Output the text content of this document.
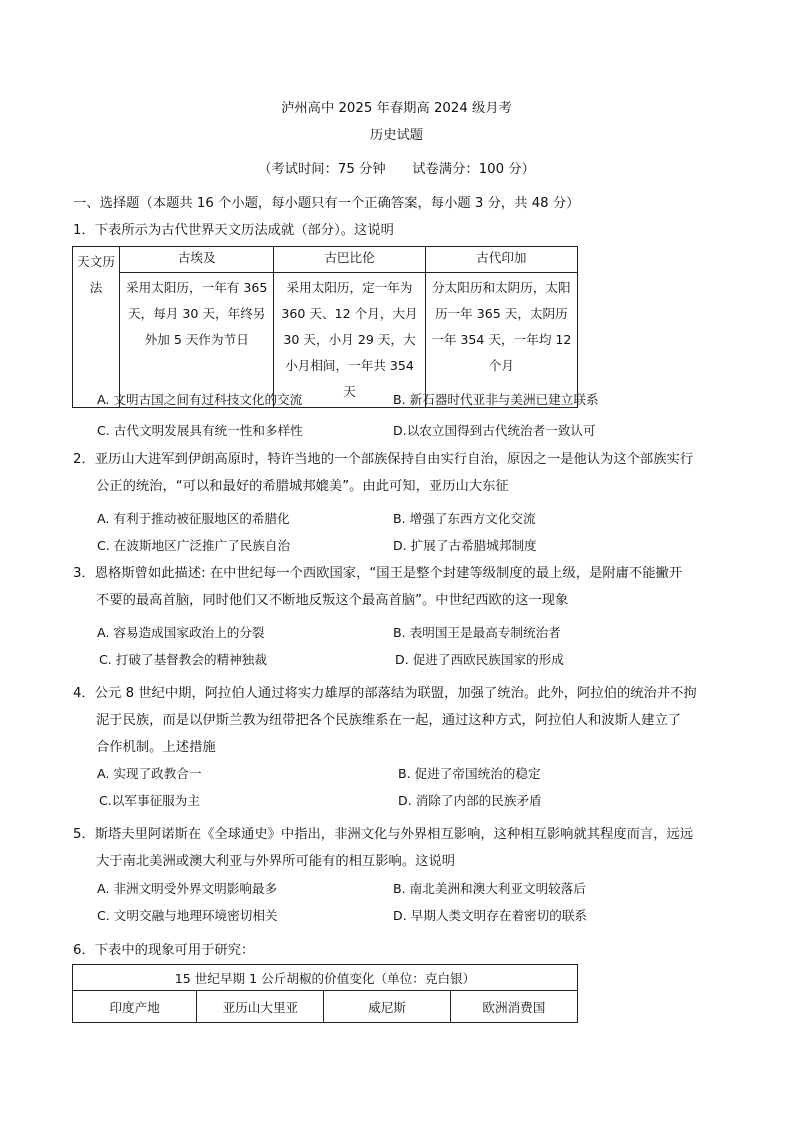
泸州高中 2025 年春期高 2024 级月考
历史试题
（考试时间：75 分钟　　试卷满分：100 分）
一、选择题（本题共 16 个小题，每小题只有一个正确答案，每小题 3 分，共 48 分）
1．下表所示为古代世界天文历法成就（部分）。这说明
天文历
法	古埃及	古巴比伦	古代印加

	采用太阳历，一年有 365 天，每月 30 天，年终另外加 5 天作为节日	采用太阳历，定一年为 360 天、12 个月，大月 30 天，小月 29 天，大小月相间，一年共 354 天	分太阳历和太阴历，太阳历一年 365 天，太阴历一年 354 天，一年均 12 个月
A. 文明古国之间有过科技文化的交流	B. 新石器时代亚非与美洲已建立联系
C. 古代文明发展具有统一性和多样性	D.以农立国得到古代统治者一致认可
2．亚历山大进军到伊朗高原时，特许当地的一个部族保持自由实行自治，原因之一是他认为这个部族实行
公正的统治，“可以和最好的希腊城邦媲美”。由此可知，亚历山大东征
A. 有利于推动被征服地区的希腊化	B. 增强了东西方文化交流
C. 在波斯地区广泛推广了民族自治	D. 扩展了古希腊城邦制度
3．恩格斯曾如此描述: 在中世纪每一个西欧国家，“国王是整个封建等级制度的最上级，是附庸不能撇开
不要的最高首脑，同时他们又不断地反叛这个最高首脑”。中世纪西欧的这一现象
A. 容易造成国家政治上的分裂	B. 表明国王是最高专制统治者
C. 打破了基督教会的精神独裁	D. 促进了西欧民族国家的形成
4．公元 8 世纪中期，阿拉伯人通过将实力雄厚的部落结为联盟，加强了统治。此外，阿拉伯的统治并不拘
泥于民族，而是以伊斯兰教为纽带把各个民族维系在一起，通过这种方式，阿拉伯人和波斯人建立了
合作机制。上述措施
A. 实现了政教合一	B. 促进了帝国统治的稳定
C.以军事征服为主	D. 消除了内部的民族矛盾
5．斯塔夫里阿诺斯在《全球通史》中指出，非洲文化与外界相互影响，这种相互影响就其程度而言，远远
大于南北美洲或澳大利亚与外界所可能有的相互影响。这说明
A. 非洲文明受外界文明影响最多	B. 南北美洲和澳大利亚文明较落后
C. 文明交融与地理环境密切相关	D. 早期人类文明存在着密切的联系
6．下表中的现象可用于研究：
15 世纪早期 1 公斤胡椒的价值变化（单位：克白银）
印度产地	亚历山大里亚	威尼斯	欧洲消费国
